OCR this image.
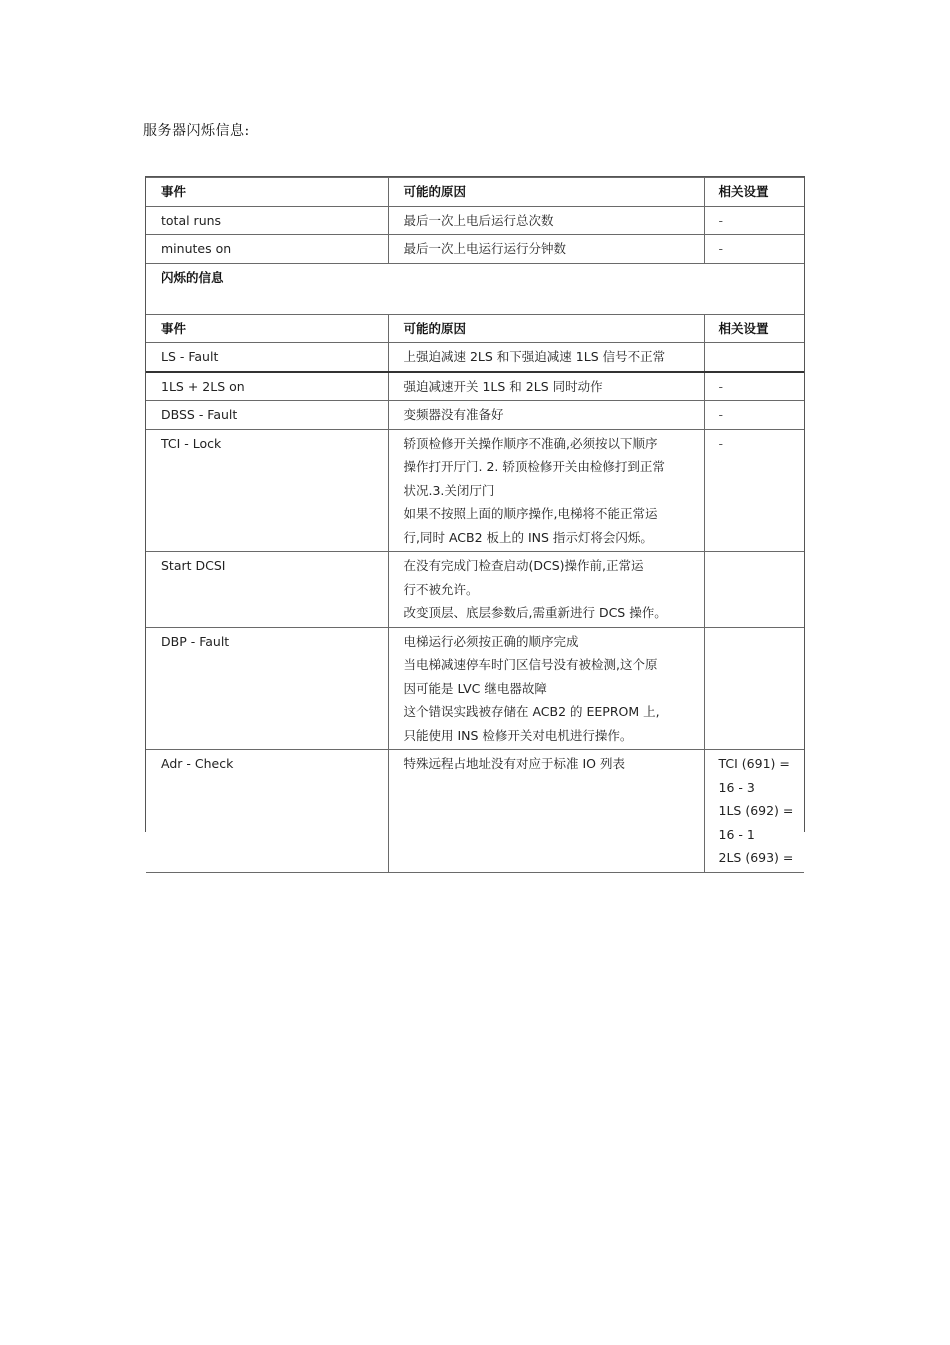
服务器闪烁信息:
事件	可能的原因	相关设置
total runs	最后一次上电后运行总次数	-
minutes on	最后一次上电运行运行分钟数	-
闪烁的信息		
事件	可能的原因	相关设置
LS - Fault	上强迫减速 2LS 和下强迫减速 1LS 信号不正常	

1LS + 2LS on	强迫减速开关 1LS 和 2LS 同时动作	-

DBSS - Fault	变频器没有准备好	-

TCI - Lock	轿顶检修开关操作顺序不准确,必须按以下顺序
操作打开厅门. 2. 轿顶检修开关由检修打到正常
状况.3.关闭厅门
如果不按照上面的顺序操作,电梯将不能正常运
行,同时 ACB2 板上的 INS 指示灯将会闪烁。	-

Start DCSI	在没有完成门检查启动(DCS)操作前,正常运
行不被允许。
改变顶层、底层参数后,需重新进行 DCS 操作。	

DBP - Fault	电梯运行必须按正确的顺序完成
当电梯减速停车时门区信号没有被检测,这个原
因可能是 LVC 继电器故障
这个错误实践被存储在 ACB2 的 EEPROM 上,
只能使用 INS 检修开关对电机进行操作。	

Adr - Check	特殊远程占地址没有对应于标准 IO 列表	TCI (691) =
16 - 3
1LS (692) =
16 - 1
2LS (693) =
